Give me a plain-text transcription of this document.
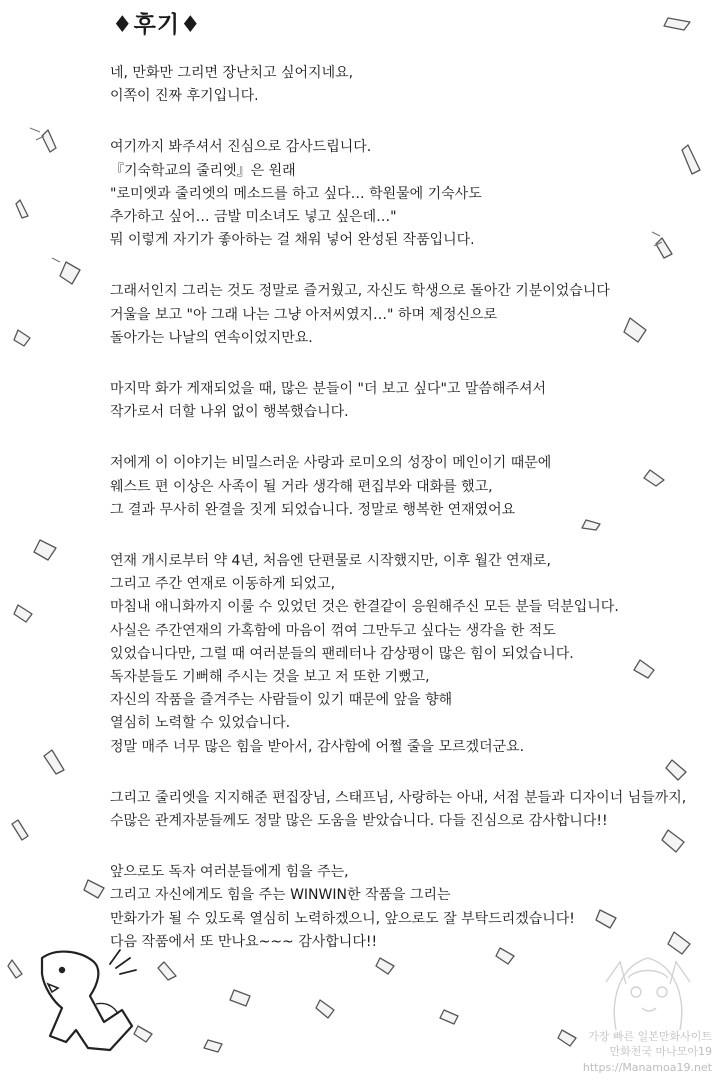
♦후기♦
네, 만화만 그리면 장난치고 싶어지네요,
이쪽이 진짜 후기입니다.
여기까지 봐주셔서 진심으로 감사드립니다.
『기숙학교의 줄리엣』은 원래
"로미엣과 줄리엣의 메소드를 하고 싶다… 학원물에 기숙사도
추가하고 싶어… 금발 미소녀도 넣고 싶은데…"
뭐 이렇게 자기가 좋아하는 걸 채워 넣어 완성된 작품입니다.
그래서인지 그리는 것도 정말로 즐거웠고, 자신도 학생으로 돌아간 기분이었습니다
거울을 보고 "아 그래 나는 그냥 아저씨였지…" 하며 제정신으로
돌아가는 나날의 연속이었지만요.
마지막 화가 게재되었을 때, 많은 분들이 "더 보고 싶다"고 말씀해주셔서
작가로서 더할 나위 없이 행복했습니다.
저에게 이 이야기는 비밀스러운 사랑과 로미오의 성장이 메인이기 때문에
웨스트 편 이상은 사족이 될 거라 생각해 편집부와 대화를 했고,
그 결과 무사히 완결을 짓게 되었습니다. 정말로 행복한 연재였어요
연재 개시로부터 약 4년, 처음엔 단편물로 시작했지만, 이후 월간 연재로,
그리고 주간 연재로 이동하게 되었고,
마침내 애니화까지 이룰 수 있었던 것은 한결같이 응원해주신 모든 분들 덕분입니다.
사실은 주간연재의 가혹함에 마음이 꺾여 그만두고 싶다는 생각을 한 적도
있었습니다만, 그럴 때 여러분들의 팬레터나 감상평이 많은 힘이 되었습니다.
독자분들도 기뻐해 주시는 것을 보고 저 또한 기뻤고,
자신의 작품을 즐겨주는 사람들이 있기 때문에 앞을 향해
열심히 노력할 수 있었습니다.
정말 매주 너무 많은 힘을 받아서, 감사함에 어쩔 줄을 모르겠더군요.
그리고 줄리엣을 지지해준 편집장님, 스태프님, 사랑하는 아내, 서점 분들과 디자이너 님들까지,
수많은 관계자분들께도 정말 많은 도움을 받았습니다. 다들 진심으로 감사합니다!!
앞으로도 독자 여러분들에게 힘을 주는,
그리고 자신에게도 힘을 주는 WINWIN한 작품을 그리는
만화가가 될 수 있도록 열심히 노력하겠으니, 앞으로도 잘 부탁드리겠습니다!
다음 작품에서 또 만나요~~~ 감사합니다!!
가장 빠른 일본만화사이트
만화천국 마나모아19
https://Manamoa19.net
